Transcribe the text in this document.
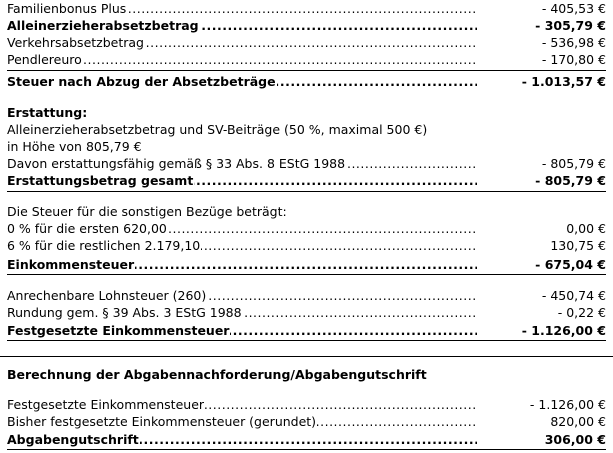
Familienbonus Plus .....	- 405,53 €
Alleinerzieherabsetzbetrag .....	- 305,79 €
Verkehrsabsetzbetrag .....	- 536,98 €
Pendlereuro .....	- 170,80 €
Steuer nach Abzug der Absetzbeträge .....	- 1.013,57 €
Erstattung:
Alleinerzieherabsetzbetrag und SV-Beiträge (50 %, maximal 500 €)
in Höhe von 805,79 €
Davon erstattungsfähig gemäß § 33 Abs. 8 EStG 1988 .....	- 805,79 €
Erstattungsbetrag gesamt .....	- 805,79 €
Die Steuer für die sonstigen Bezüge beträgt:
0 % für die ersten 620,00 .....	0,00 €
6 % für die restlichen 2.179,10 .....	130,75 €
Einkommensteuer .....	- 675,04 €
Anrechenbare Lohnsteuer (260) .....	- 450,74 €
Rundung gem. § 39 Abs. 3 EStG 1988 .....	- 0,22 €
Festgesetzte Einkommensteuer .....	- 1.126,00 €
Berechnung der Abgabennachforderung/Abgabengutschrift
Festgesetzte Einkommensteuer .....	- 1.126,00 €
Bisher festgesetzte Einkommensteuer (gerundet) .....	820,00 €
Abgabengutschrift .....	306,00 €
